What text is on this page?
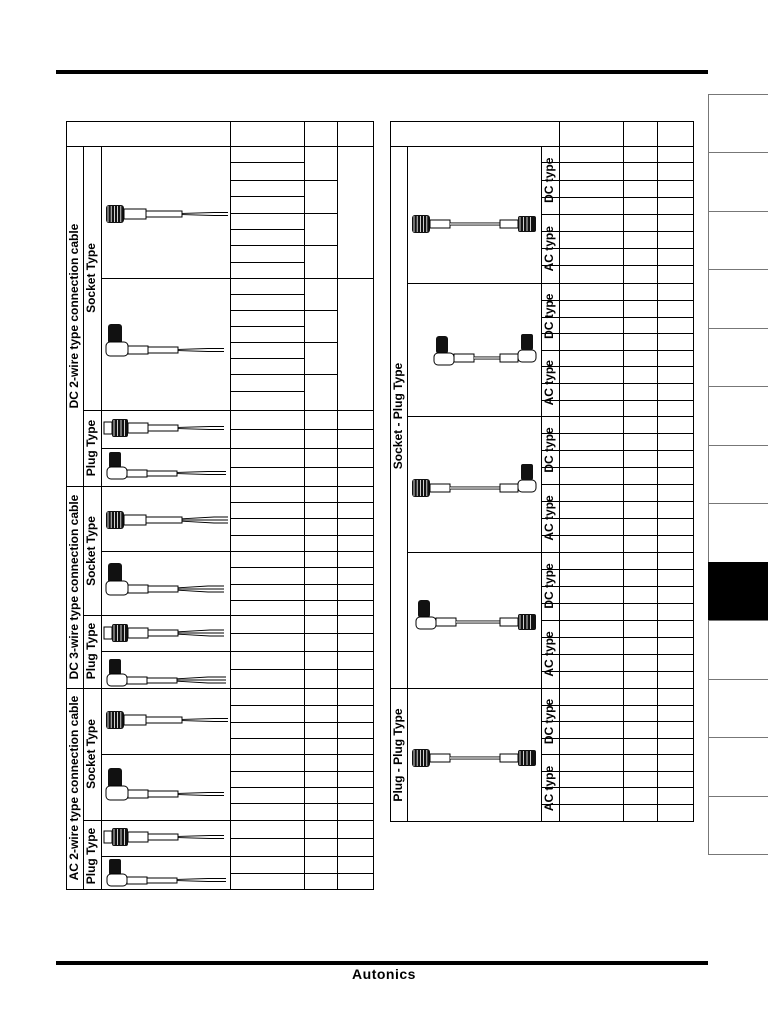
DC 2-wire type connection cable Socket Type
Plug Type
DC 3-wire type connection cable Socket Type
Plug Type
AC 2-wire type connection cable Socket Type
Plug Type
Socket - Plug Type
Plug - Plug Type
DC type
AC type
DC type
AC type
DC type
AC type
DC type
AC type
DC type
AC type
Autonics
